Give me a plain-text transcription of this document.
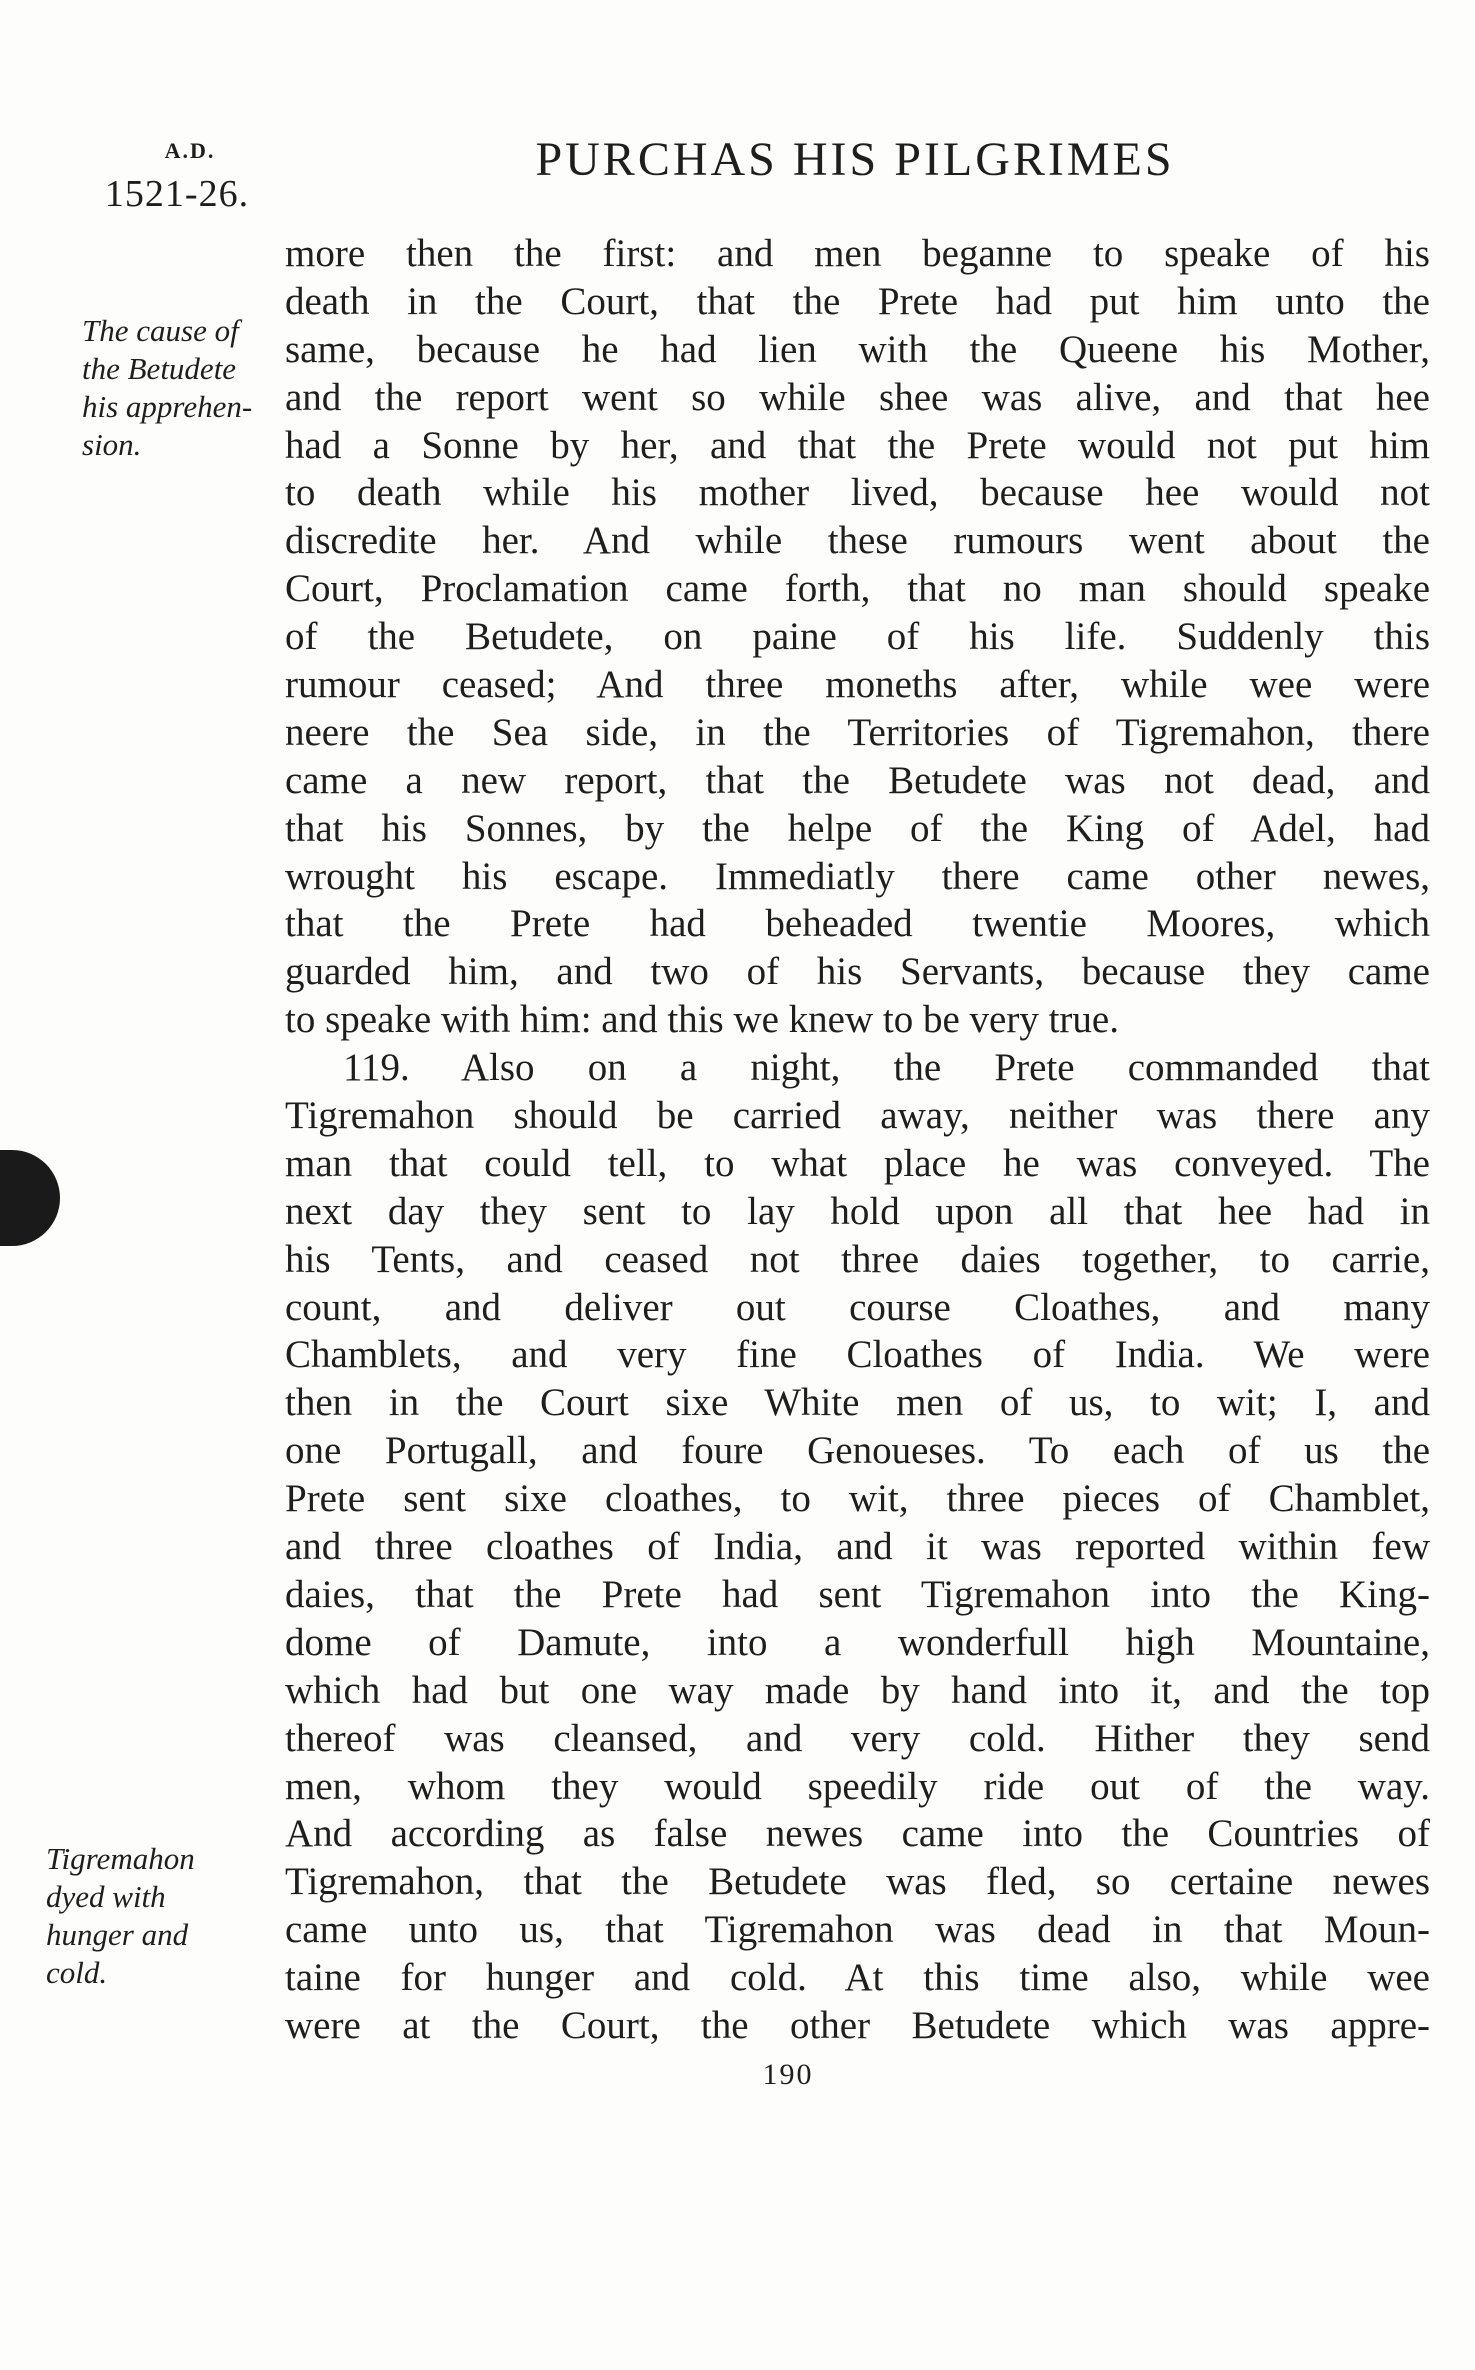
A.D.
1521-26.
PURCHAS HIS PILGRIMES
The cause of
the Betudete
his apprehen-
sion.
Tigremahon
dyed with
hunger and
cold.
more then the first: and men beganne to speake of his
death in the Court, that the Prete had put him unto the
same, because he had lien with the Queene his Mother,
and the report went so while shee was alive, and that hee
had a Sonne by her, and that the Prete would not put him
to death while his mother lived, because hee would not
discredite her. And while these rumours went about the
Court, Proclamation came forth, that no man should speake
of the Betudete, on paine of his life. Suddenly this
rumour ceased; And three moneths after, while wee were
neere the Sea side, in the Territories of Tigremahon, there
came a new report, that the Betudete was not dead, and
that his Sonnes, by the helpe of the King of Adel, had
wrought his escape. Immediatly there came other newes,
that the Prete had beheaded twentie Moores, which
guarded him, and two of his Servants, because they came
to speake with him: and this we knew to be very true.
119. Also on a night, the Prete commanded that
Tigremahon should be carried away, neither was there any
man that could tell, to what place he was conveyed. The
next day they sent to lay hold upon all that hee had in
his Tents, and ceased not three daies together, to carrie,
count, and deliver out course Cloathes, and many
Chamblets, and very fine Cloathes of India. We were
then in the Court sixe White men of us, to wit; I, and
one Portugall, and foure Genoueses. To each of us the
Prete sent sixe cloathes, to wit, three pieces of Chamblet,
and three cloathes of India, and it was reported within few
daies, that the Prete had sent Tigremahon into the King-
dome of Damute, into a wonderfull high Mountaine,
which had but one way made by hand into it, and the top
thereof was cleansed, and very cold. Hither they send
men, whom they would speedily ride out of the way.
And according as false newes came into the Countries of
Tigremahon, that the Betudete was fled, so certaine newes
came unto us, that Tigremahon was dead in that Moun-
taine for hunger and cold. At this time also, while wee
were at the Court, the other Betudete which was appre-
190
